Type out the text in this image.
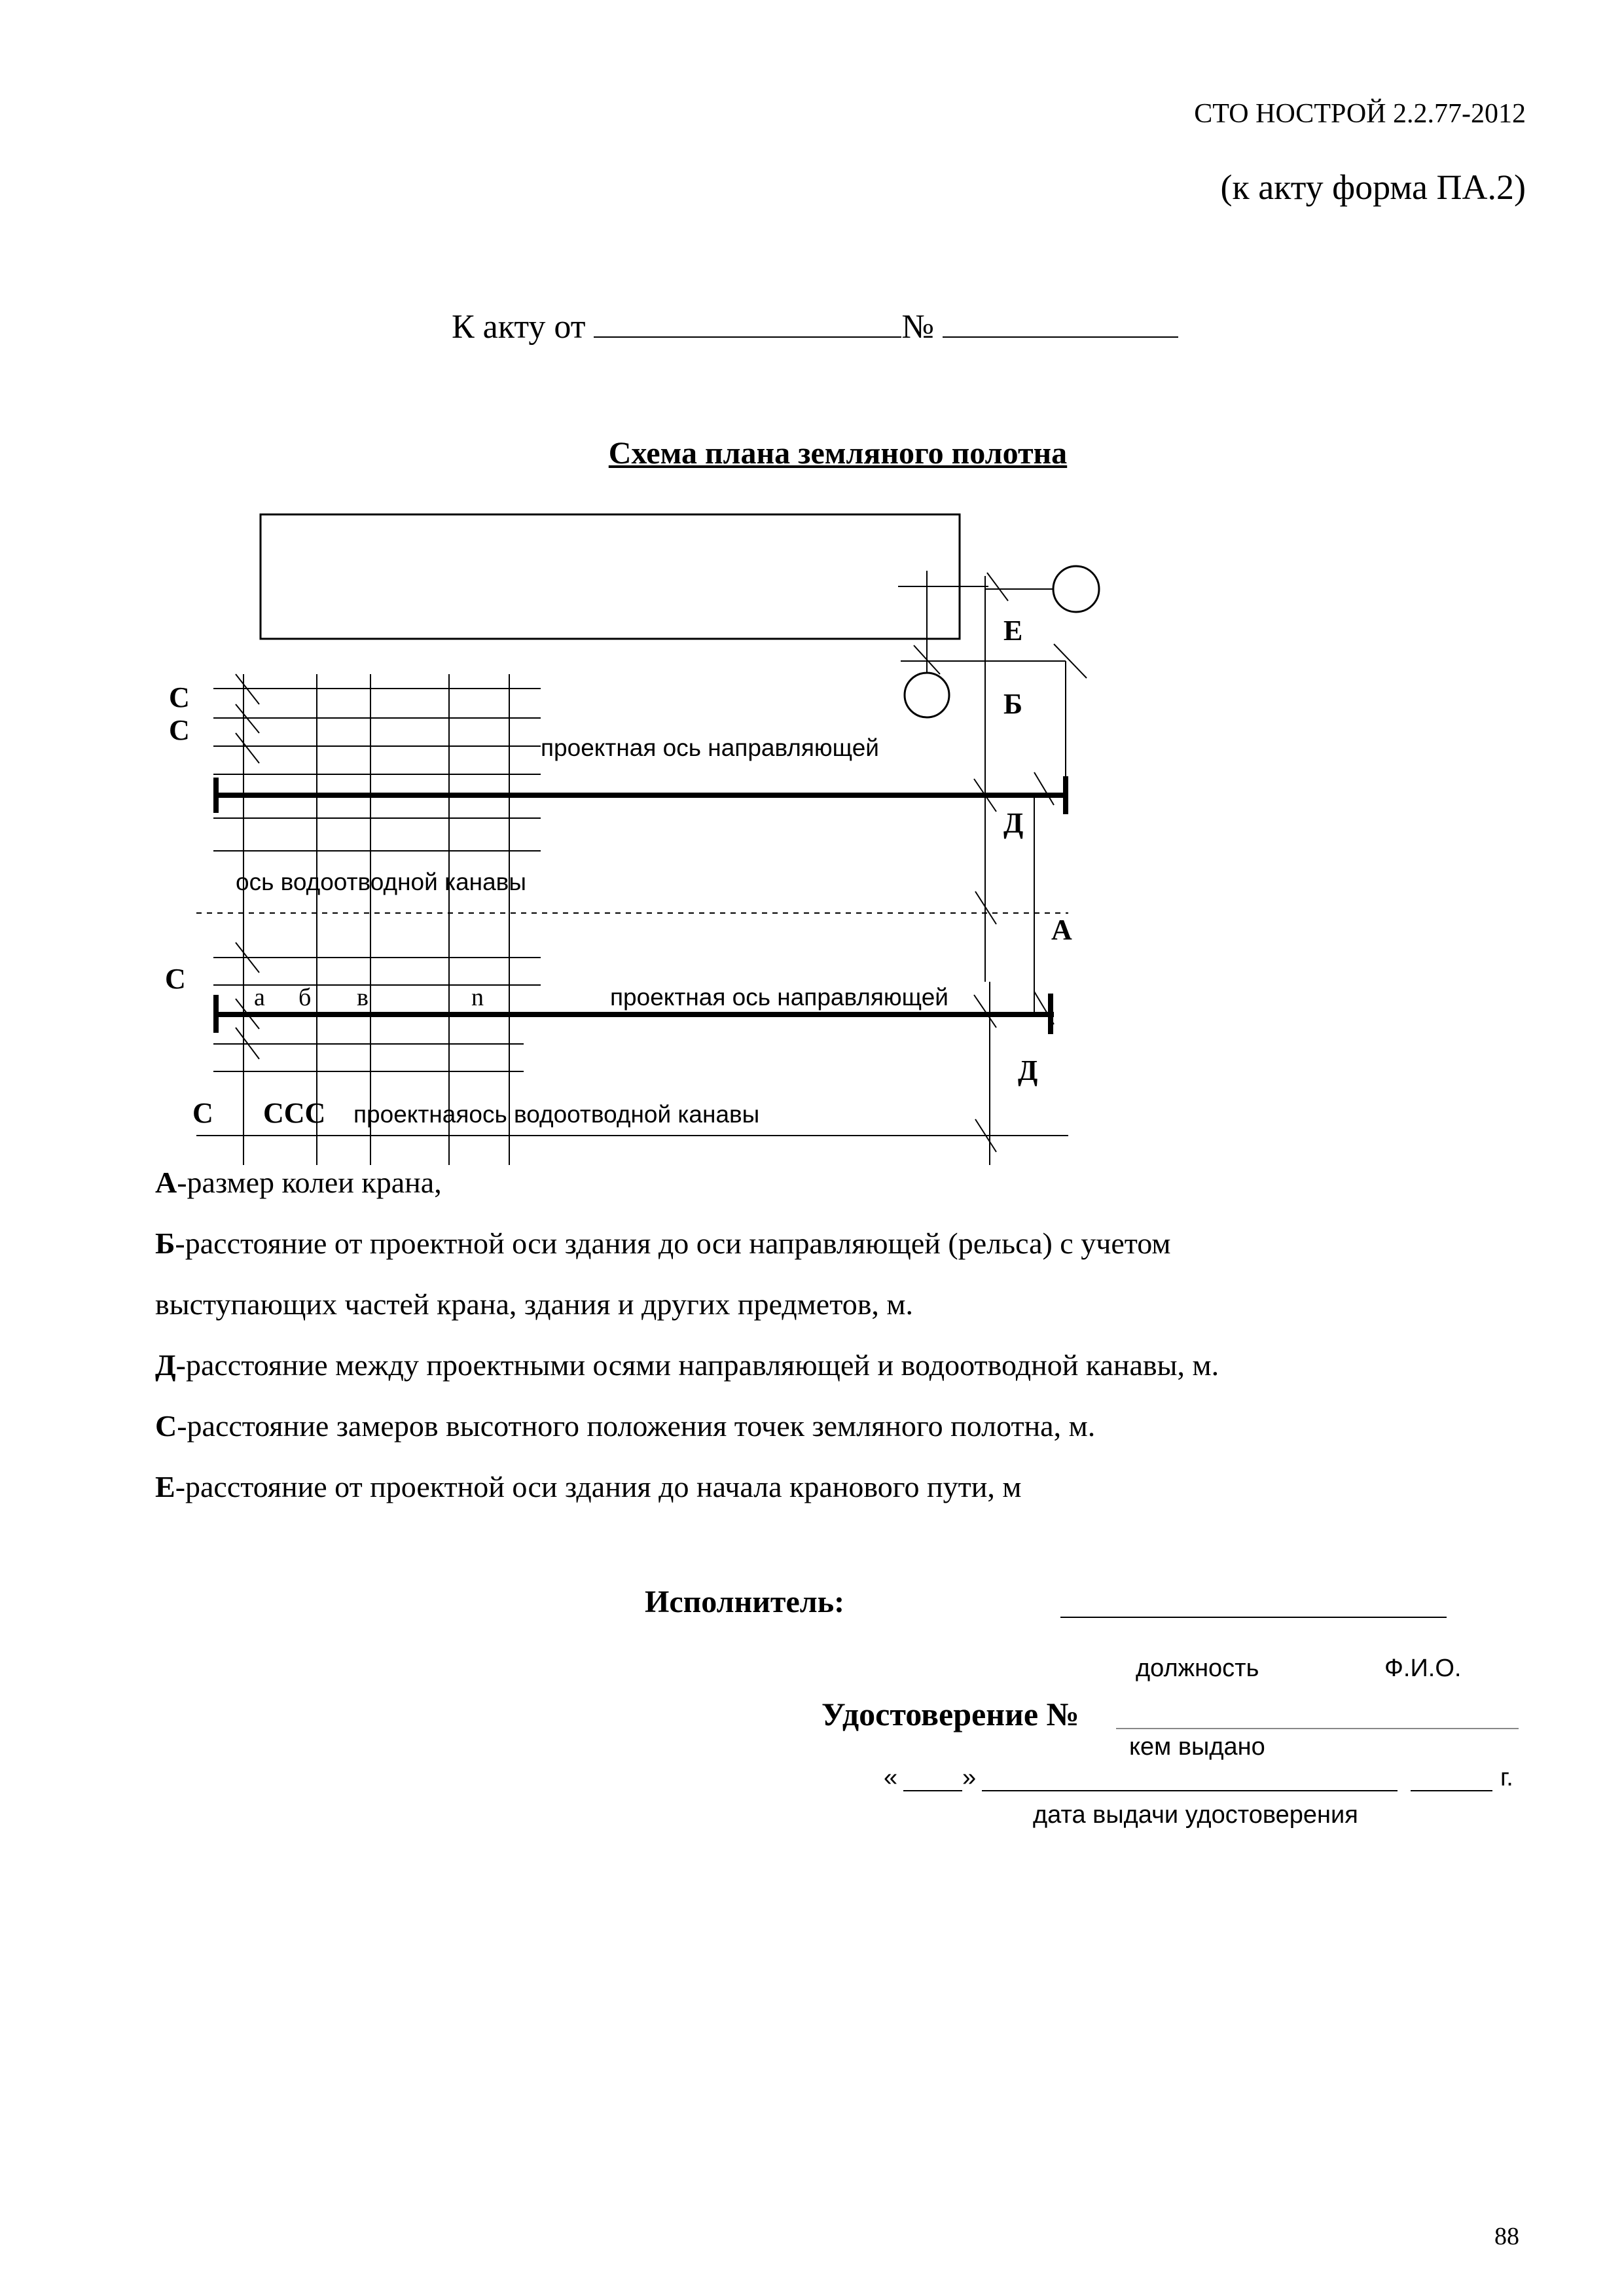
СТО НОСТРОЙ 2.2.77-2012
(к акту форма ПА.2)
К акту от	№
Схема плана земляного полотна
С
С
С
С ССС
Е
Б
Д
А
Д
а б в	n
проектная ось направляющей
ось водоотводной канавы
проектная ось направляющей
проектнаяось водоотводной канавы
А-размер колеи крана,
Б-расстояние от проектной оси здания до оси направляющей (рельса) с учетом
выступающих частей крана, здания и других предметов, м.
Д-расстояние между проектными осями направляющей и водоотводной канавы, м.
С-расстояние замеров высотного положения точек земляного полотна, м.
Е-расстояние от проектной оси здания до начала кранового пути, м
Исполнитель:
должность	Ф.И.О.
Удостоверение №
кем выдано
«	»	г.
дата выдачи удостоверения
88
